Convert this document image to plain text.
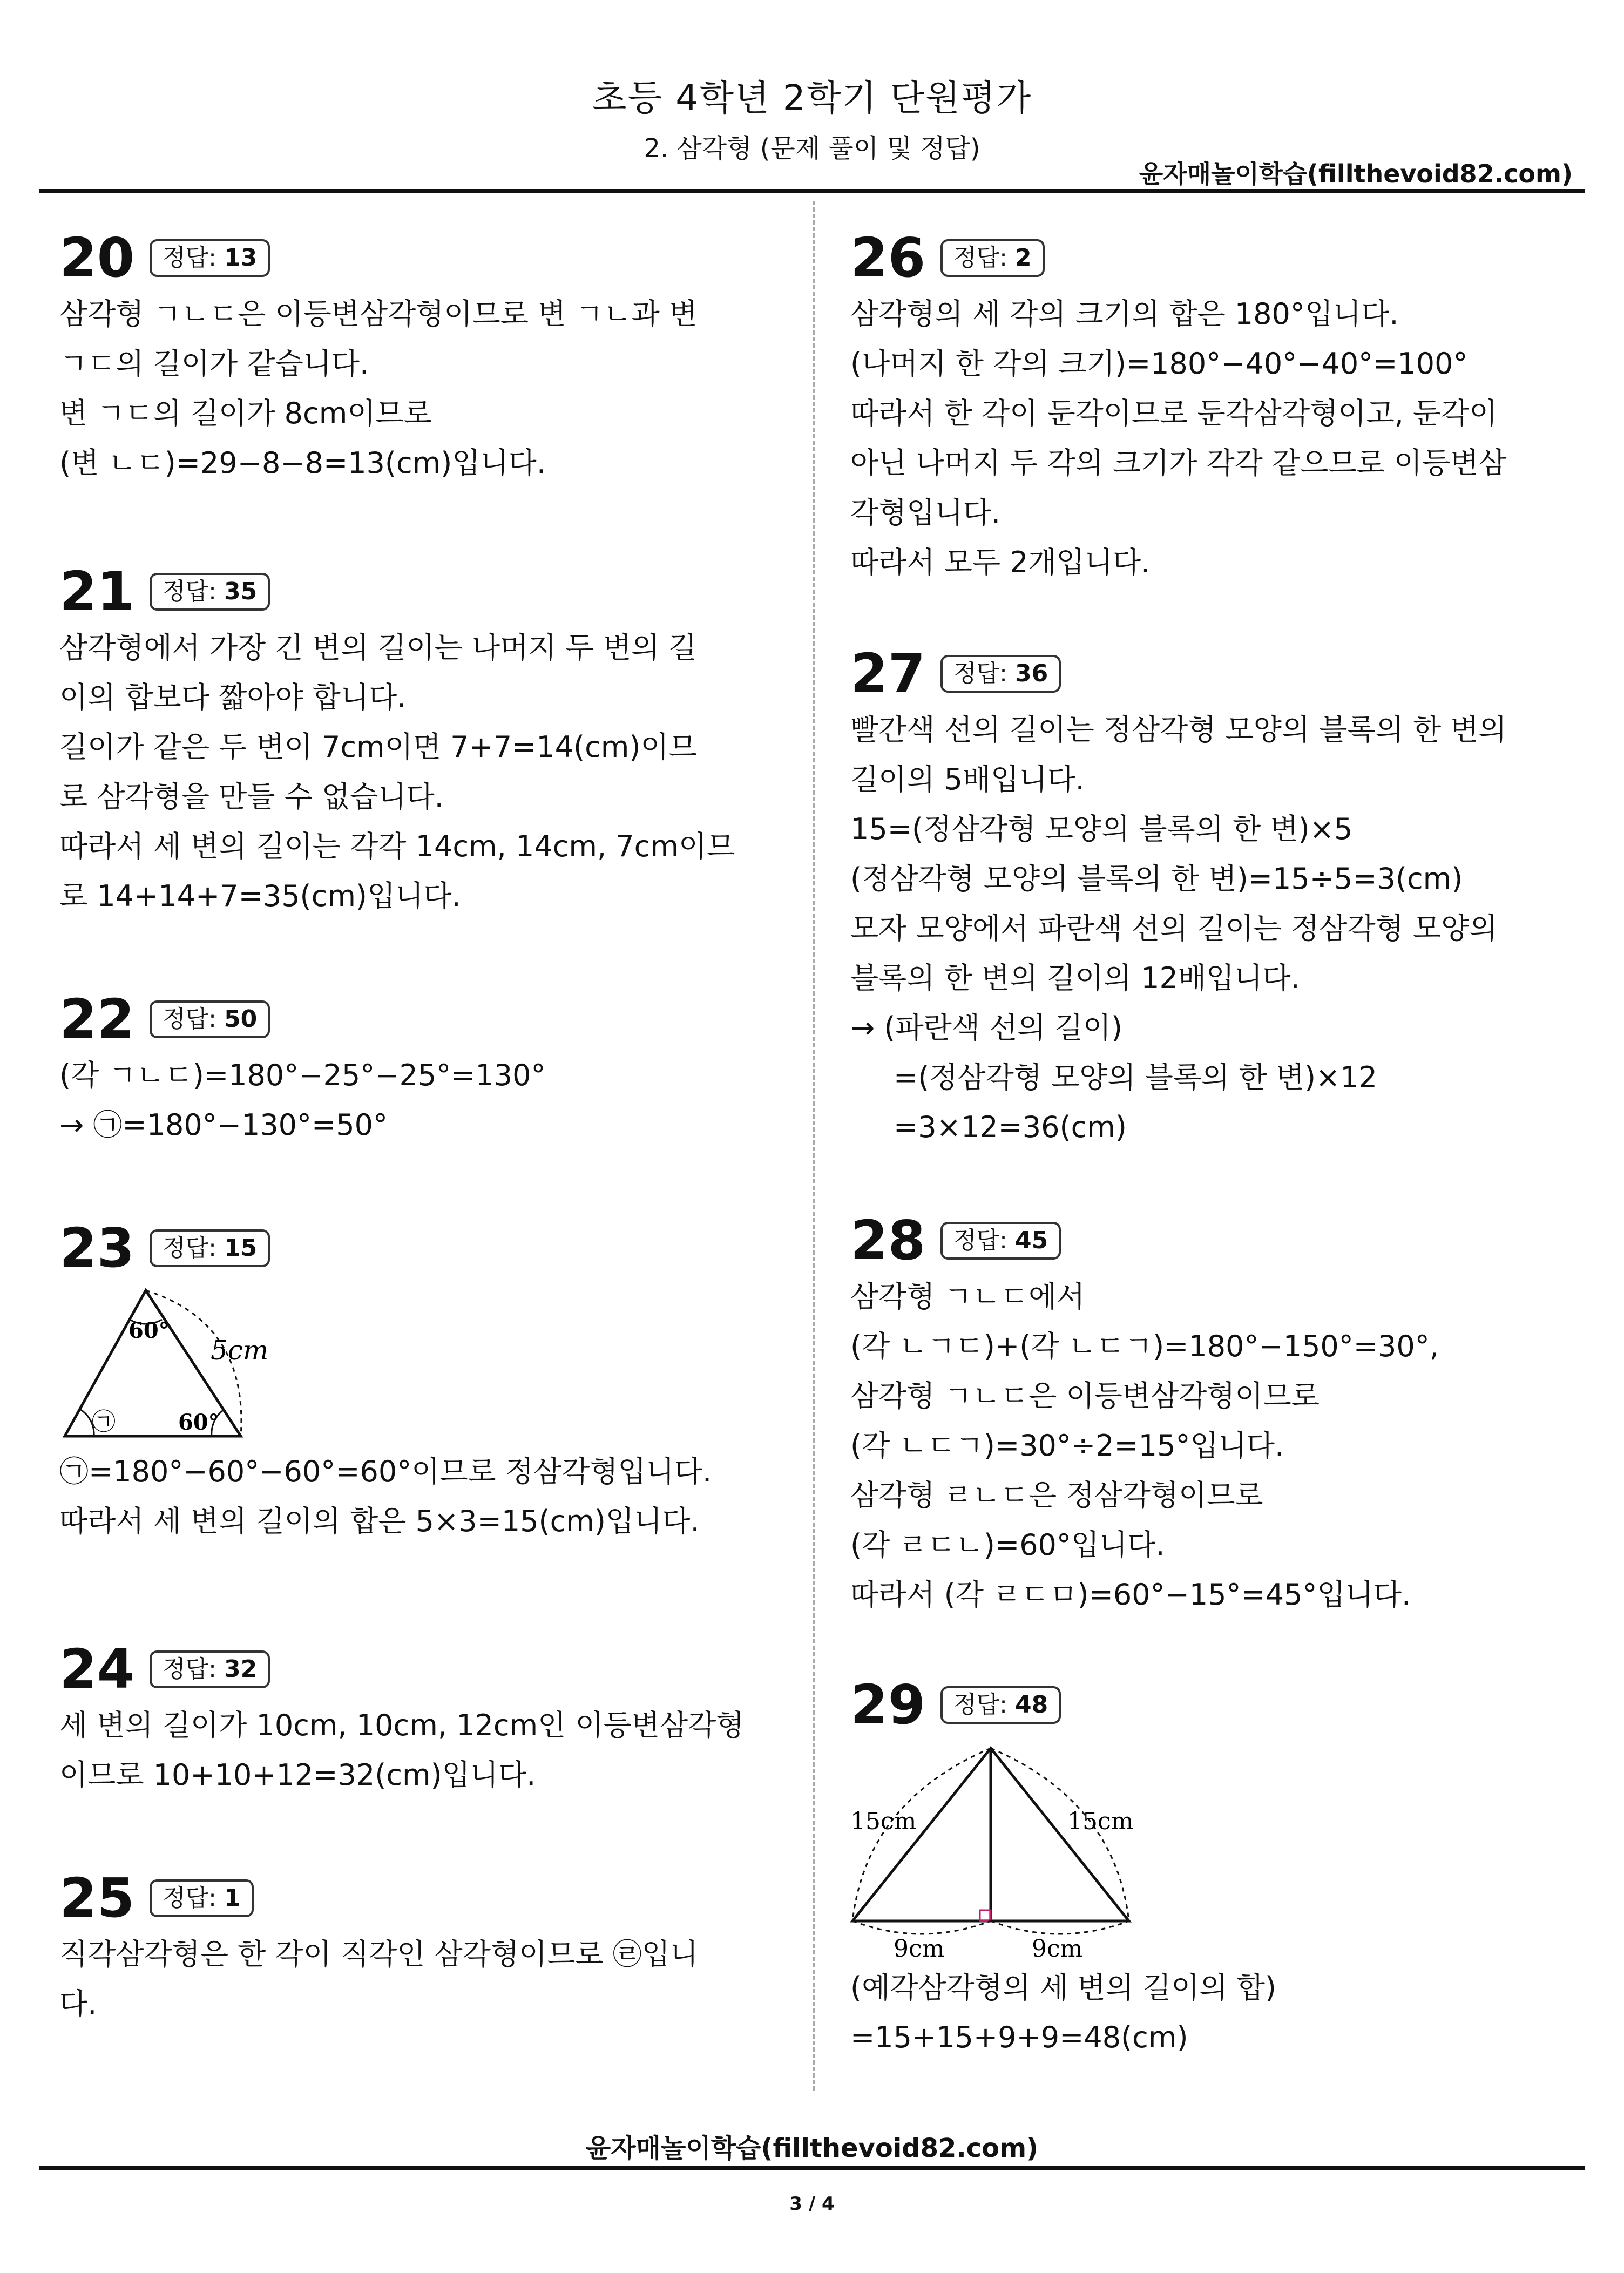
초등 4학년 2학기 단원평가
2. 삼각형 (문제 풀이 및 정답)
윤자매놀이학습(fillthevoid82.com)
20	정답: 13
삼각형 ㄱㄴㄷ은 이등변삼각형이므로 변 ㄱㄴ과 변
ㄱㄷ의 길이가 같습니다.
변 ㄱㄷ의 길이가 8cm이므로
(변 ㄴㄷ)=29−8−8=13(cm)입니다.
21	정답: 35
삼각형에서 가장 긴 변의 길이는 나머지 두 변의 길
이의 합보다 짧아야 합니다.
길이가 같은 두 변이 7cm이면 7+7=14(cm)이므
로 삼각형을 만들 수 없습니다.
따라서 세 변의 길이는 각각 14cm, 14cm, 7cm이므
로 14+14+7=35(cm)입니다.
22	정답: 50
(각 ㄱㄴㄷ)=180°−25°−25°=130°
→ ㉠=180°−130°=50°
23	정답: 15
60°
㉠	60°
5cm
㉠=180°−60°−60°=60°이므로 정삼각형입니다.
따라서 세 변의 길이의 합은 5×3=15(cm)입니다.
24	정답: 32
세 변의 길이가 10cm, 10cm, 12cm인 이등변삼각형
이므로 10+10+12=32(cm)입니다.
25	정답: 1
직각삼각형은 한 각이 직각인 삼각형이므로 ㉣입니
다.
26	정답: 2
삼각형의 세 각의 크기의 합은 180°입니다.
(나머지 한 각의 크기)=180°−40°−40°=100°
따라서 한 각이 둔각이므로 둔각삼각형이고, 둔각이
아닌 나머지 두 각의 크기가 각각 같으므로 이등변삼
각형입니다.
따라서 모두 2개입니다.
27	정답: 36
빨간색 선의 길이는 정삼각형 모양의 블록의 한 변의
길이의 5배입니다.
15=(정삼각형 모양의 블록의 한 변)×5
(정삼각형 모양의 블록의 한 변)=15÷5=3(cm)
모자 모양에서 파란색 선의 길이는 정삼각형 모양의
블록의 한 변의 길이의 12배입니다.
→ (파란색 선의 길이)
=(정삼각형 모양의 블록의 한 변)×12
=3×12=36(cm)
28	정답: 45
삼각형 ㄱㄴㄷ에서
(각 ㄴㄱㄷ)+(각 ㄴㄷㄱ)=180°−150°=30°,
삼각형 ㄱㄴㄷ은 이등변삼각형이므로
(각 ㄴㄷㄱ)=30°÷2=15°입니다.
삼각형 ㄹㄴㄷ은 정삼각형이므로
(각 ㄹㄷㄴ)=60°입니다.
따라서 (각 ㄹㄷㅁ)=60°−15°=45°입니다.
29	정답: 48
15cm	15cm
9cm	9cm
(예각삼각형의 세 변의 길이의 합)
=15+15+9+9=48(cm)
윤자매놀이학습(fillthevoid82.com)
3 / 4
